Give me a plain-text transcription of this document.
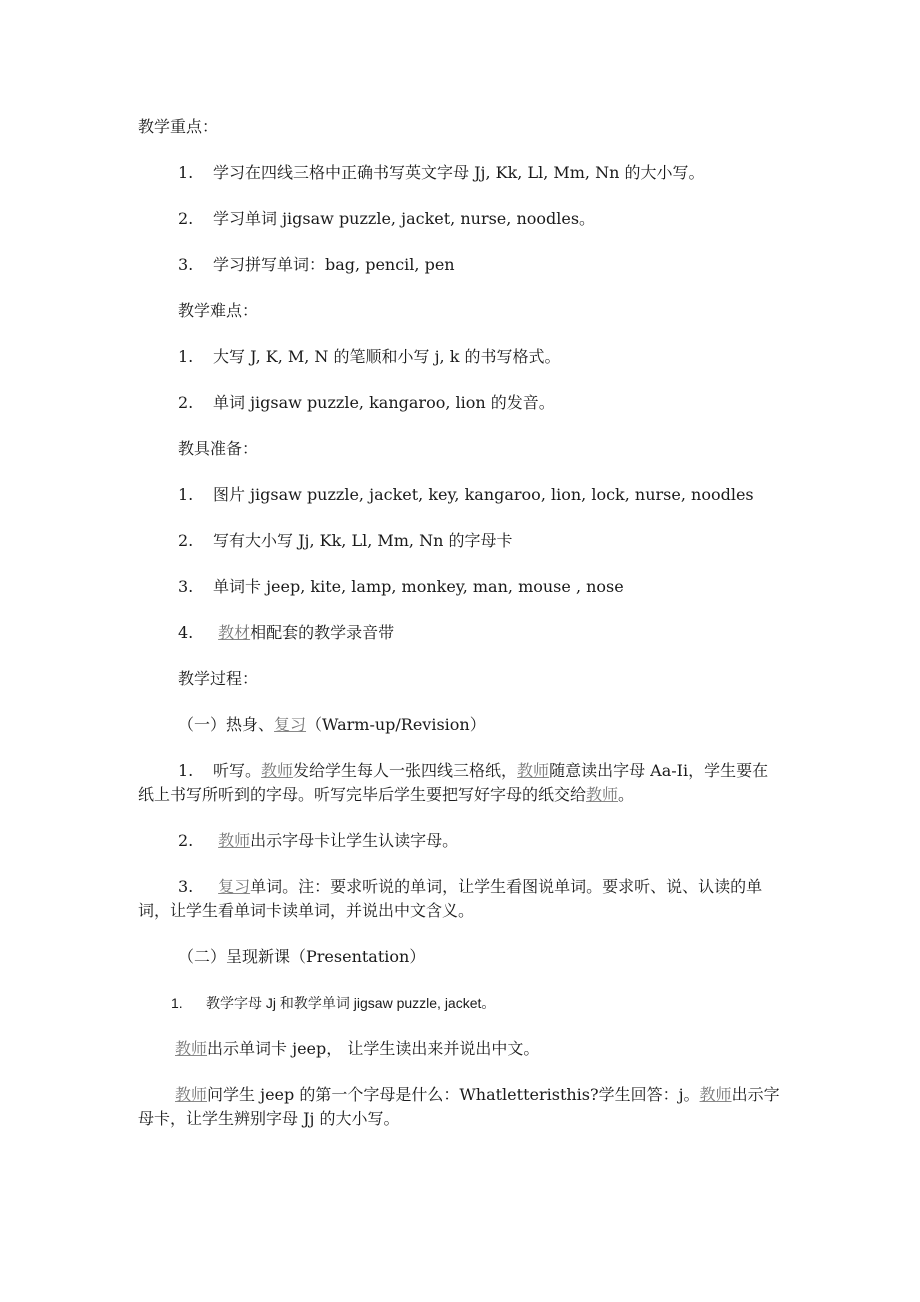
教学重点：
1. 学习在四线三格中正确书写英文字母 Jj, Kk, Ll, Mm, Nn 的大小写。
2. 学习单词 jigsaw puzzle, jacket, nurse, noodles。
3. 学习拼写单词：bag, pencil, pen
教学难点：
1. 大写 J, K, M, N 的笔顺和小写 j, k 的书写格式。
2. 单词 jigsaw puzzle, kangaroo, lion 的发音。
教具准备：
1. 图片 jigsaw puzzle, jacket, key, kangaroo, lion, lock, nurse, noodles
2. 写有大小写 Jj, Kk, Ll, Mm, Nn 的字母卡
3. 单词卡 jeep, kite, lamp, monkey, man, mouse , nose
4. 教材相配套的教学录音带
教学过程：
（一）热身、复习（Warm-up/Revision）
1. 听写。教师发给学生每人一张四线三格纸，教师随意读出字母 Aa-Ii，学生要在纸上书写所听到的字母。听写完毕后学生要把写好字母的纸交给教师。
2. 教师出示字母卡让学生认读字母。
3. 复习单词。注：要求听说的单词，让学生看图说单词。要求听、说、认读的单词，让学生看单词卡读单词，并说出中文含义。
（二）呈现新课（Presentation）
1. 教学字母 Jj 和教学单词 jigsaw puzzle, jacket。
教师出示单词卡 jeep， 让学生读出来并说出中文。
教师问学生 jeep 的第一个字母是什么：Whatletteristhis?学生回答：j。教师出示字母卡，让学生辨别字母 Jj 的大小写。
